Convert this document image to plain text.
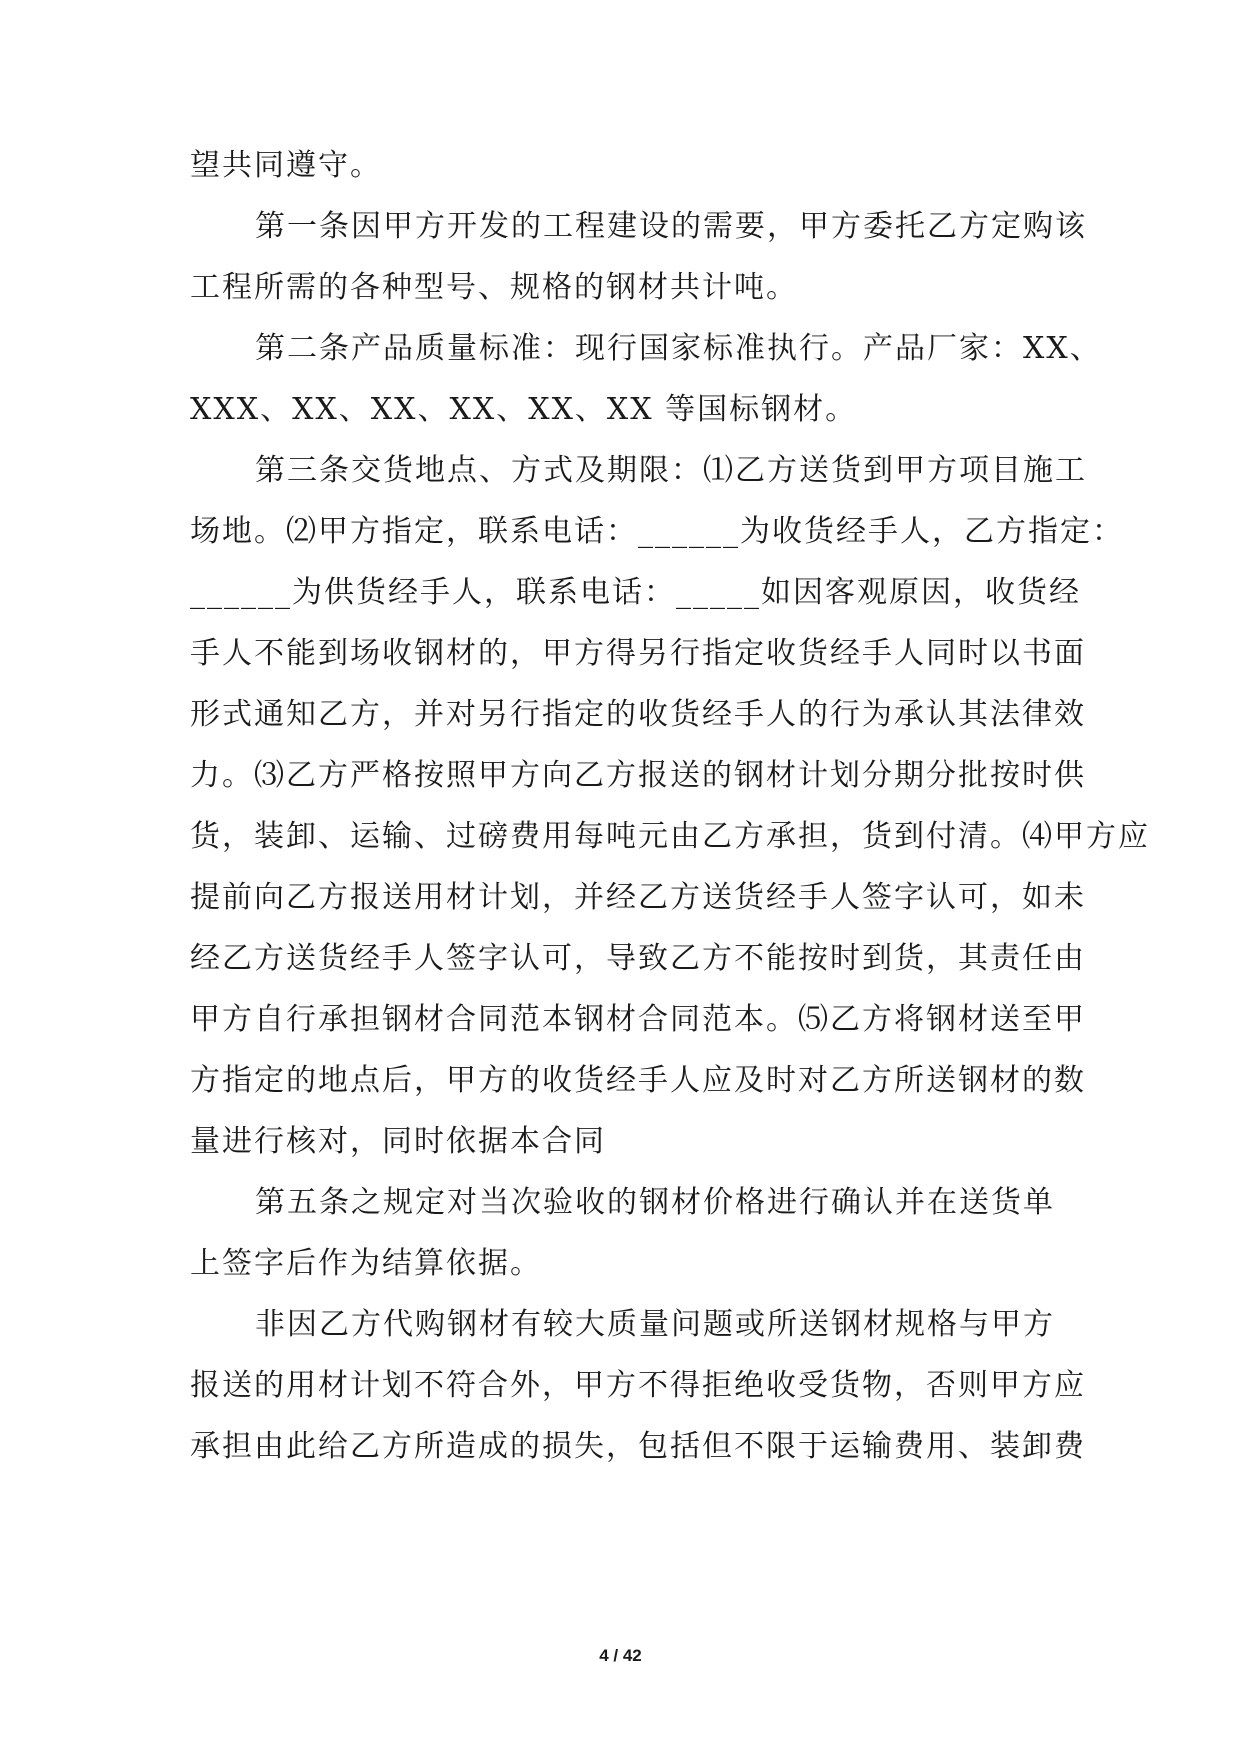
望共同遵守。
第一条因甲方开发的工程建设的需要，甲方委托乙方定购该
工程所需的各种型号、规格的钢材共计吨。
第二条产品质量标准：现行国家标准执行。产品厂家：XX、
XXX、XX、XX、XX、XX、XX 等国标钢材。
第三条交货地点、方式及期限：⑴乙方送货到甲方项目施工
场地。⑵甲方指定，联系电话：______为收货经手人，乙方指定：
______为供货经手人，联系电话：_____如因客观原因，收货经
手人不能到场收钢材的，甲方得另行指定收货经手人同时以书面
形式通知乙方，并对另行指定的收货经手人的行为承认其法律效
力。⑶乙方严格按照甲方向乙方报送的钢材计划分期分批按时供
货，装卸、运输、过磅费用每吨元由乙方承担，货到付清。⑷甲方应
提前向乙方报送用材计划，并经乙方送货经手人签字认可，如未
经乙方送货经手人签字认可，导致乙方不能按时到货，其责任由
甲方自行承担钢材合同范本钢材合同范本。⑸乙方将钢材送至甲
方指定的地点后，甲方的收货经手人应及时对乙方所送钢材的数
量进行核对，同时依据本合同
第五条之规定对当次验收的钢材价格进行确认并在送货单
上签字后作为结算依据。
非因乙方代购钢材有较大质量问题或所送钢材规格与甲方
报送的用材计划不符合外，甲方不得拒绝收受货物，否则甲方应
承担由此给乙方所造成的损失，包括但不限于运输费用、装卸费
4 / 42
